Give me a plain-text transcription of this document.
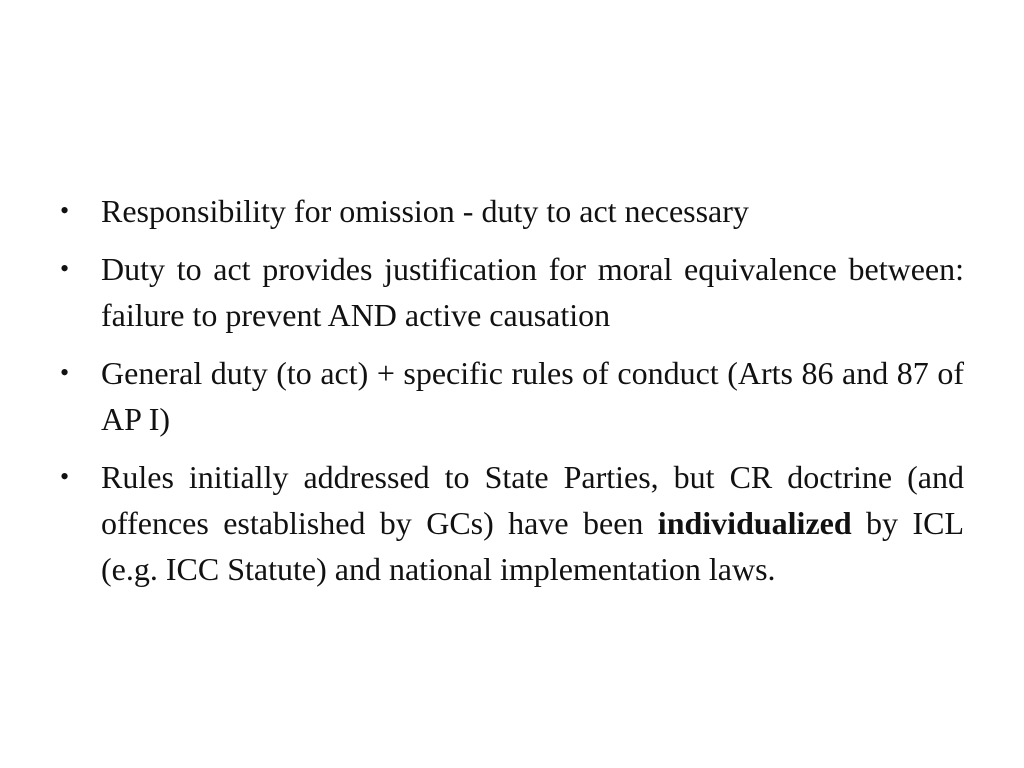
• Responsibility for omission - duty to act necessary
• Duty to act provides justification for moral equivalence between: failure to prevent AND active causation
• General duty (to act) + specific rules of conduct (Arts 86 and 87 of AP I)
• Rules initially addressed to State Parties, but CR doctrine (and offences established by GCs) have been individualized by ICL (e.g. ICC Statute) and national implementation laws.
